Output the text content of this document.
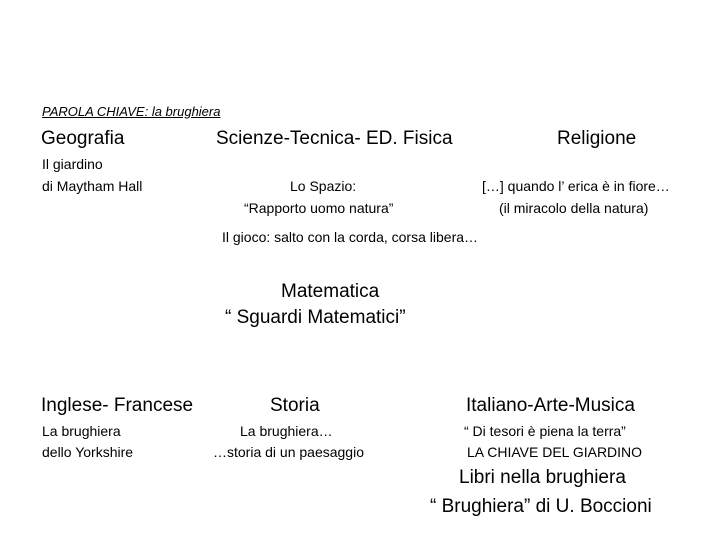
PAROLA CHIAVE: la brughiera
Geografia
Il giardino
di Maytham Hall
Scienze-Tecnica- ED. Fisica
Lo Spazio:
“Rapporto uomo natura”
Il gioco: salto con la corda, corsa libera…
Religione
[…] quando l’ erica è in fiore…
(il miracolo della natura)
Matematica
“ Sguardi Matematici”
Inglese- Francese
La brughiera
dello Yorkshire
Storia
La brughiera…
…storia di un paesaggio
Italiano-Arte-Musica
“ Di tesori è piena la terra”
LA CHIAVE DEL GIARDINO
Libri nella brughiera
“ Brughiera” di U. Boccioni
